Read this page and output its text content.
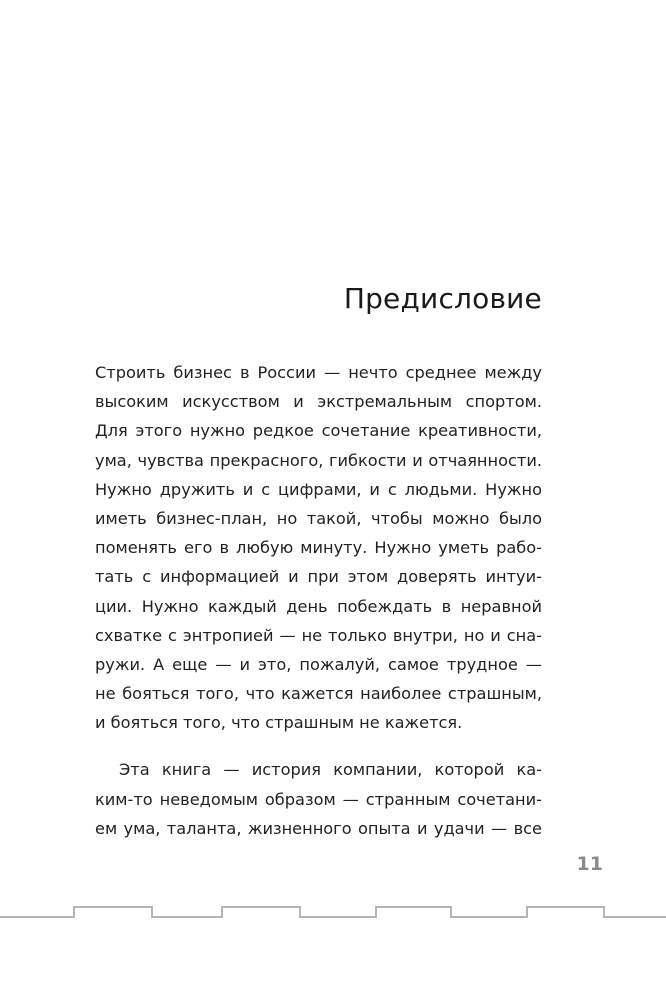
Предисловие
Строить бизнес в России — нечто среднее между
высоким искусством и экстремальным спортом.
Для этого нужно редкое сочетание креативности,
ума, чувства прекрасного, гибкости и отчаянности.
Нужно дружить и с цифрами, и с людьми. Нужно
иметь бизнес-план, но такой, чтобы можно было
поменять его в любую минуту. Нужно уметь рабо-
тать с информацией и при этом доверять интуи-
ции. Нужно каждый день побеждать в неравной
схватке с энтропией — не только внутри, но и сна-
ружи. А еще — и это, пожалуй, самое трудное —
не бояться того, что кажется наиболее страшным,
и бояться того, что страшным не кажется.
Эта книга — история компании, которой ка-
ким-то неведомым образом — странным сочетани-
ем ума, таланта, жизненного опыта и удачи — все
11
